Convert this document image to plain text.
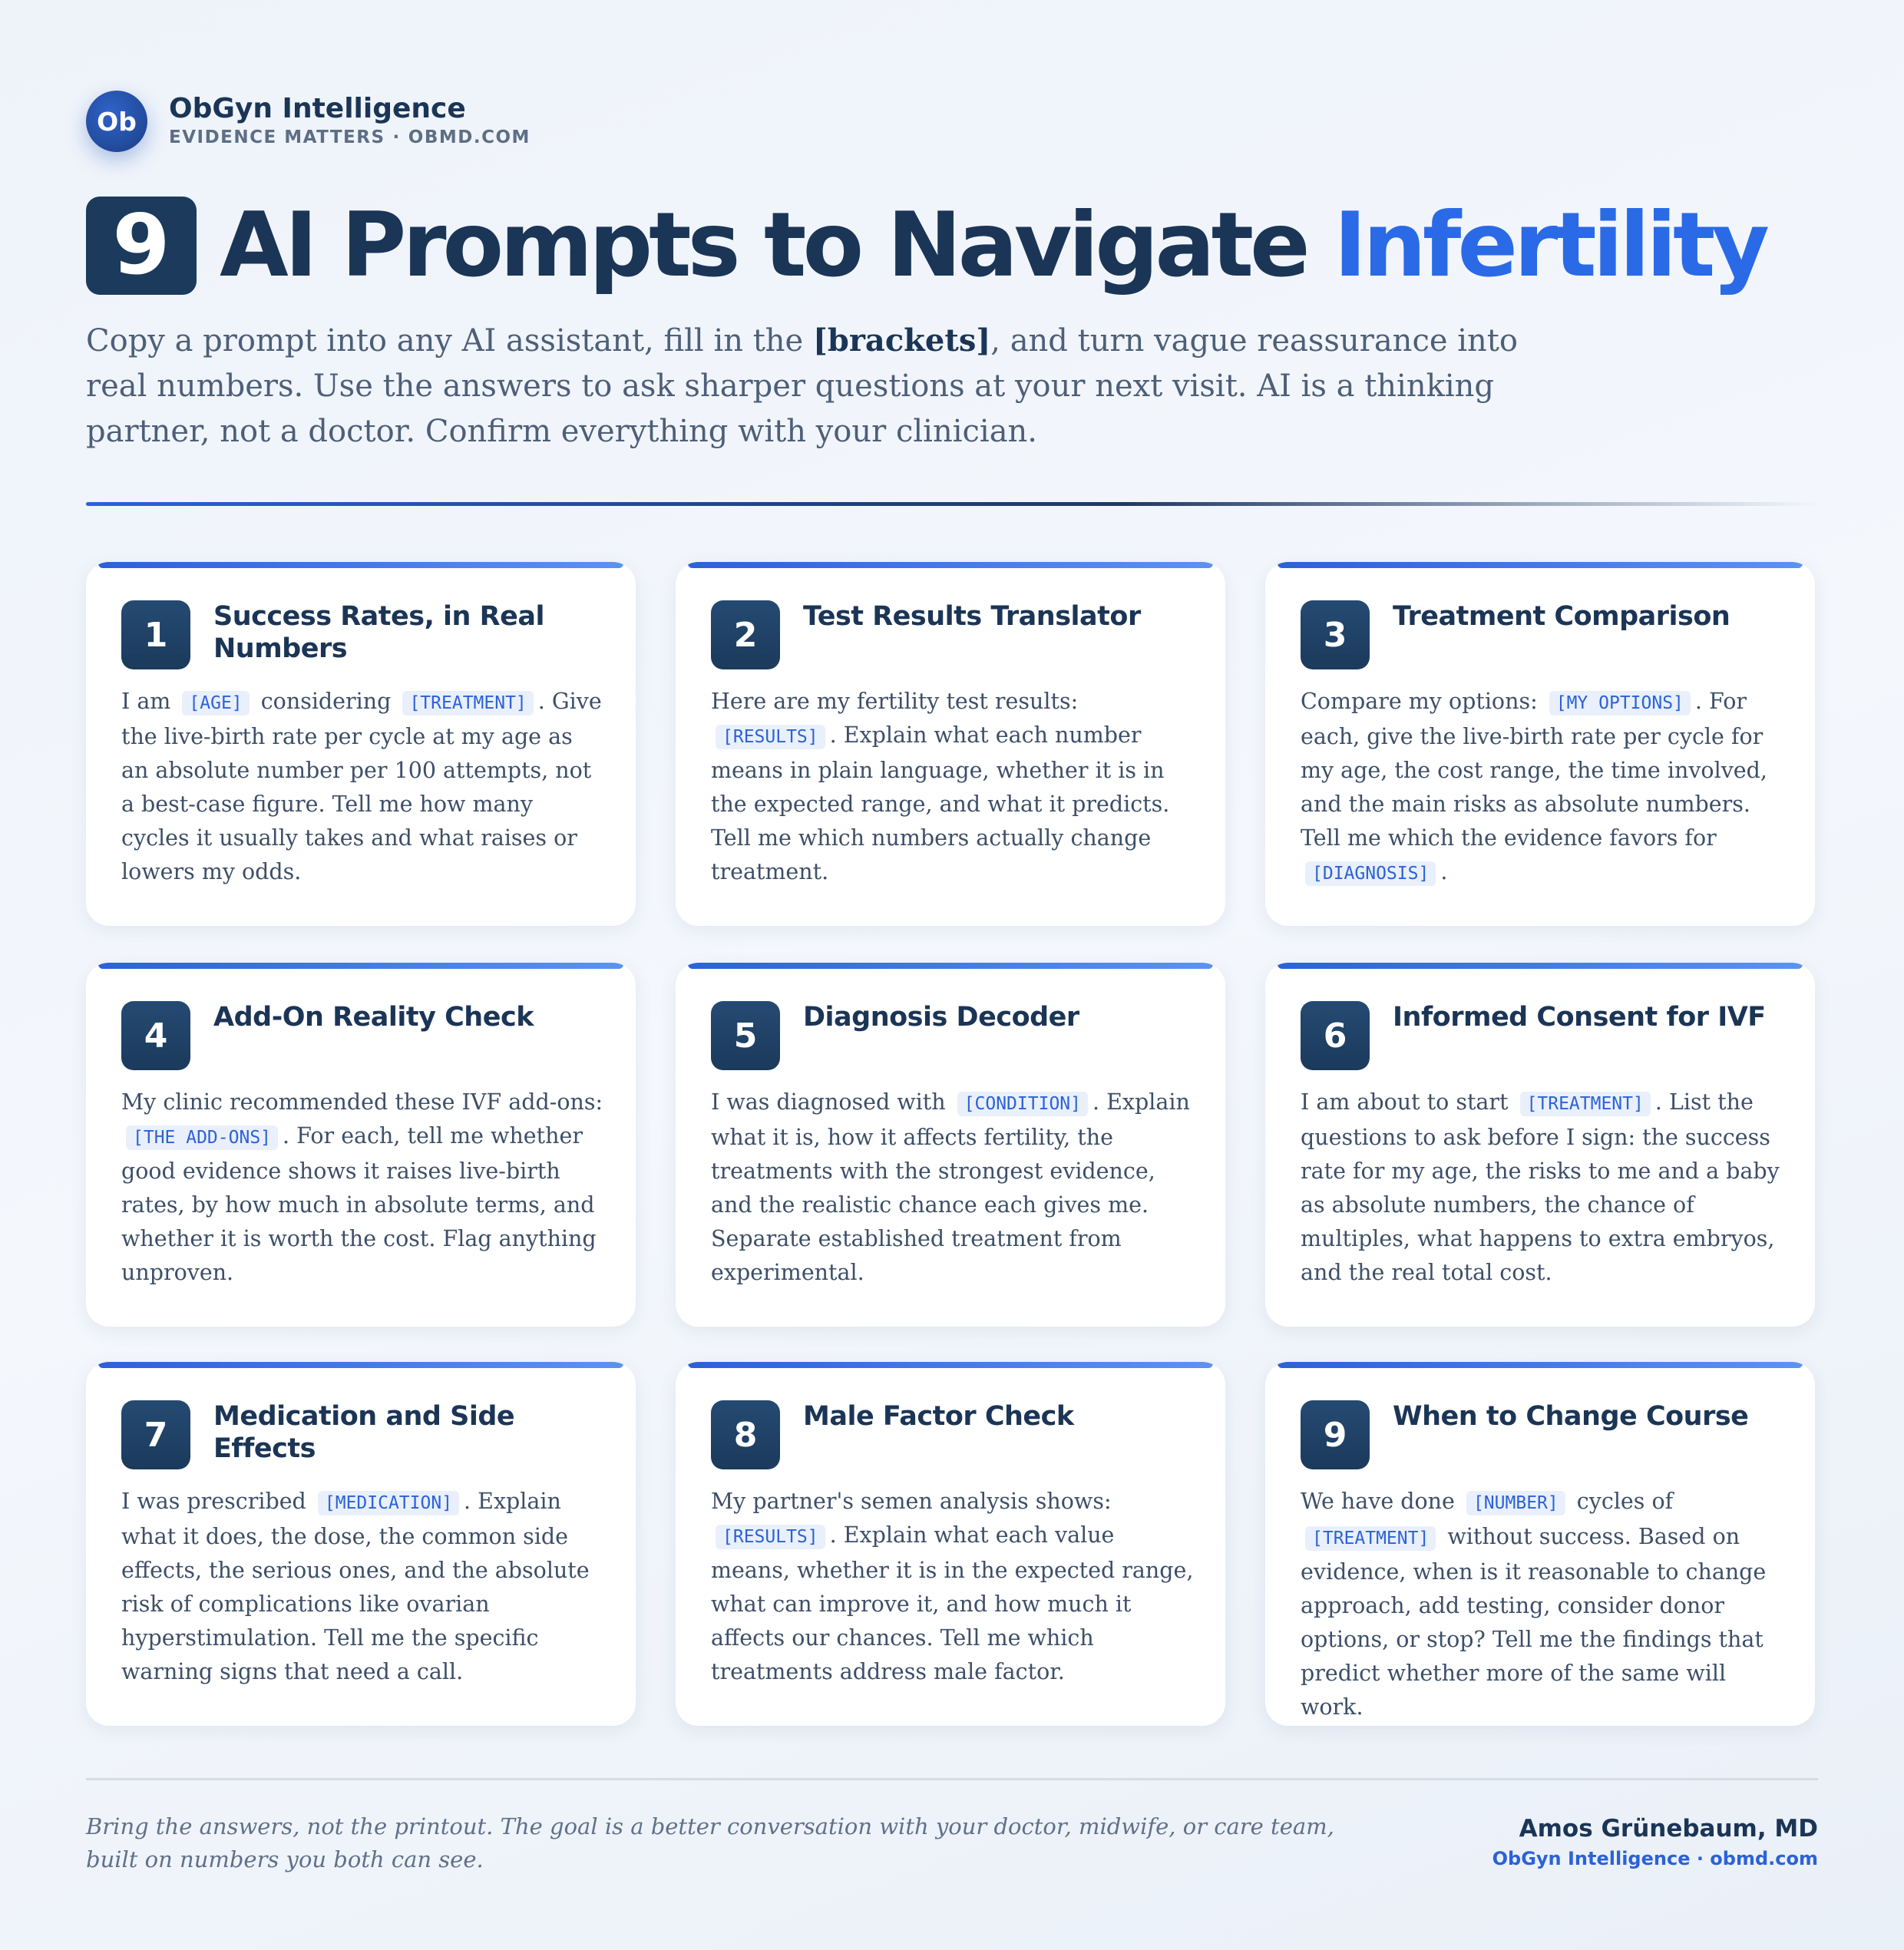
Ob	ObGyn Intelligence
EVIDENCE MATTERS · OBMD.COM
9 AI Prompts to Navigate Infertility
Copy a prompt into any AI assistant, fill in the [brackets], and turn vague reassurance into real numbers. Use the answers to ask sharper questions at your next visit. AI is a thinking partner, not a doctor. Confirm everything with your clinician.
1	Success Rates, in Real Numbers
I am [AGE] considering [TREATMENT] . Give the live-birth rate per cycle at my age as an absolute number per 100 attempts, not a best-case figure. Tell me how many cycles it usually takes and what raises or lowers my odds.
2	Test Results Translator
Here are my fertility test results: [RESULTS] . Explain what each number means in plain language, whether it is in the expected range, and what it predicts. Tell me which numbers actually change treatment.
3	Treatment Comparison
Compare my options: [MY OPTIONS] . For each, give the live-birth rate per cycle for my age, the cost range, the time involved, and the main risks as absolute numbers. Tell me which the evidence favors for [DIAGNOSIS] .
4	Add-On Reality Check
My clinic recommended these IVF add-ons: [THE ADD-ONS] . For each, tell me whether good evidence shows it raises live-birth rates, by how much in absolute terms, and whether it is worth the cost. Flag anything unproven.
5	Diagnosis Decoder
I was diagnosed with [CONDITION] . Explain what it is, how it affects fertility, the treatments with the strongest evidence, and the realistic chance each gives me. Separate established treatment from experimental.
6	Informed Consent for IVF
I am about to start [TREATMENT] . List the questions to ask before I sign: the success rate for my age, the risks to me and a baby as absolute numbers, the chance of multiples, what happens to extra embryos, and the real total cost.
7	Medication and Side Effects
I was prescribed [MEDICATION] . Explain what it does, the dose, the common side effects, the serious ones, and the absolute risk of complications like ovarian hyperstimulation. Tell me the specific warning signs that need a call.
8	Male Factor Check
My partner's semen analysis shows: [RESULTS] . Explain what each value means, whether it is in the expected range, what can improve it, and how much it affects our chances. Tell me which treatments address male factor.
9	When to Change Course
We have done [NUMBER] cycles of [TREATMENT] without success. Based on evidence, when is it reasonable to change approach, add testing, consider donor options, or stop? Tell me the findings that predict whether more of the same will work.
Bring the answers, not the printout. The goal is a better conversation with your doctor, midwife, or care team, built on numbers you both can see.
Amos Grünebaum, MD
ObGyn Intelligence · obmd.com
